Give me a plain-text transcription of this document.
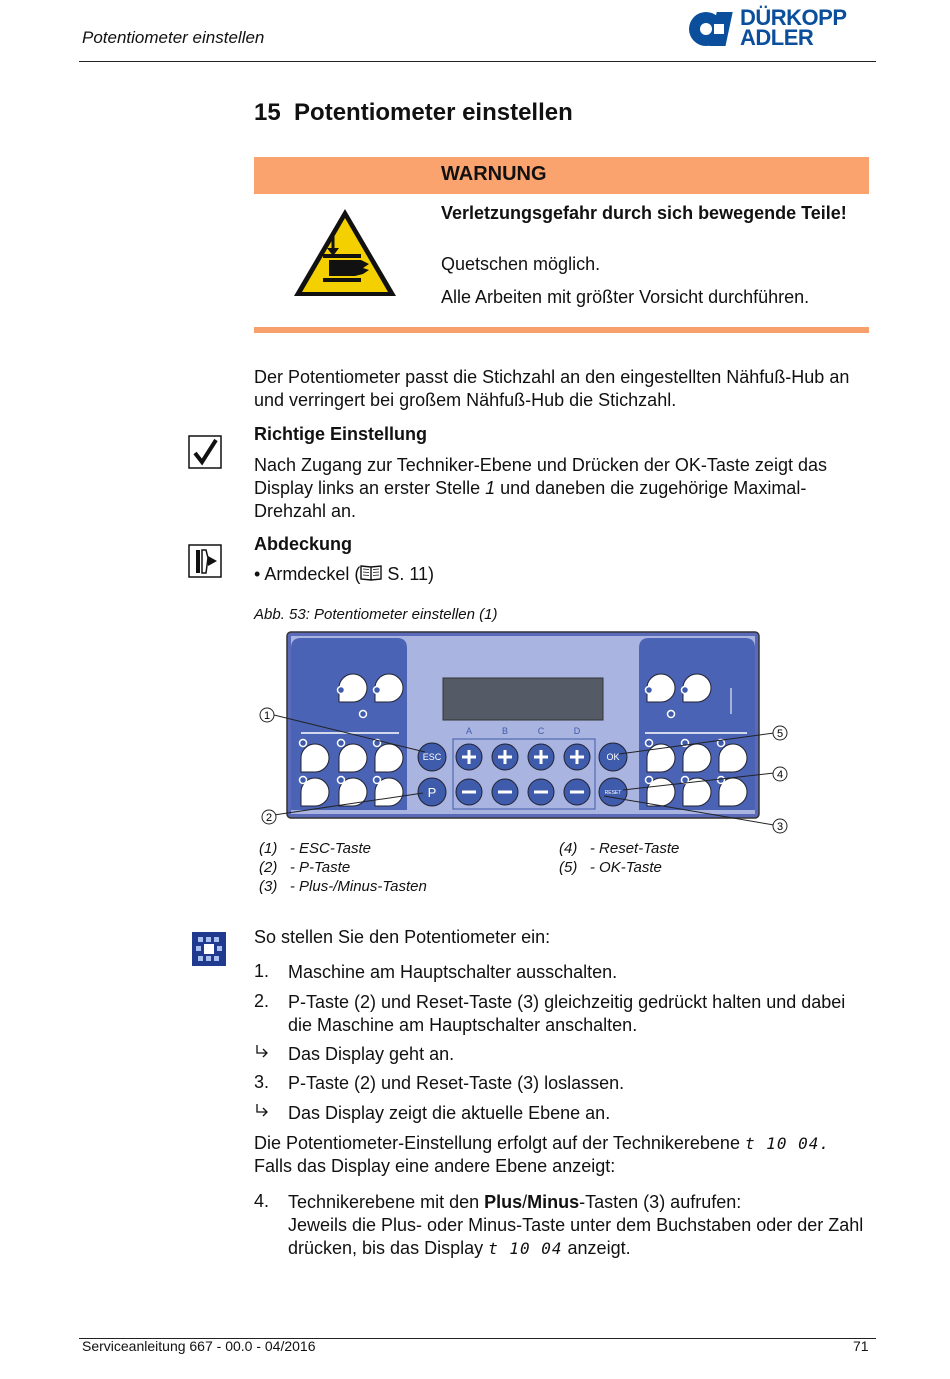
Potentiometer einstellen
DÜRKOPP
ADLER
15 Potentiometer einstellen
WARNUNG
Verletzungsgefahr durch sich bewegende Teile!
Quetschen möglich.
Alle Arbeiten mit größter Vorsicht durchführen.
Der Potentiometer passt die Stichzahl an den eingestellten Nähfuß-Hub an und verringert bei großem Nähfuß-Hub die Stichzahl.
Richtige Einstellung
Nach Zugang zur Techniker-Ebene und Drücken der OK-Taste zeigt das Display links an erster Stelle 1 und daneben die zugehörige Maximal-Drehzahl an.
Abdeckung
• Armdeckel ( S. 11)
Abb. 53: Potentiometer einstellen (1)
A	B	C	D
ESC
P
OK
RESET
1
2
3
4
5
(1) - ESC-Taste
(2) - P-Taste
(3) - Plus-/Minus-Tasten
(4) - Reset-Taste
(5) - OK-Taste
So stellen Sie den Potentiometer ein:
1. Maschine am Hauptschalter ausschalten.
2. P-Taste (2) und Reset-Taste (3) gleichzeitig gedrückt halten und dabei die Maschine am Hauptschalter anschalten.
Das Display geht an.
3. P-Taste (2) und Reset-Taste (3) loslassen.
Das Display zeigt die aktuelle Ebene an.
Die Potentiometer-Einstellung erfolgt auf der Technikerebene t 10 04.
Falls das Display eine andere Ebene anzeigt:
4. Technikerebene mit den Plus/Minus-Tasten (3) aufrufen:
Jeweils die Plus- oder Minus-Taste unter dem Buchstaben oder der Zahl drücken, bis das Display t 10 04 anzeigt.
Serviceanleitung 667 - 00.0 - 04/2016	71
